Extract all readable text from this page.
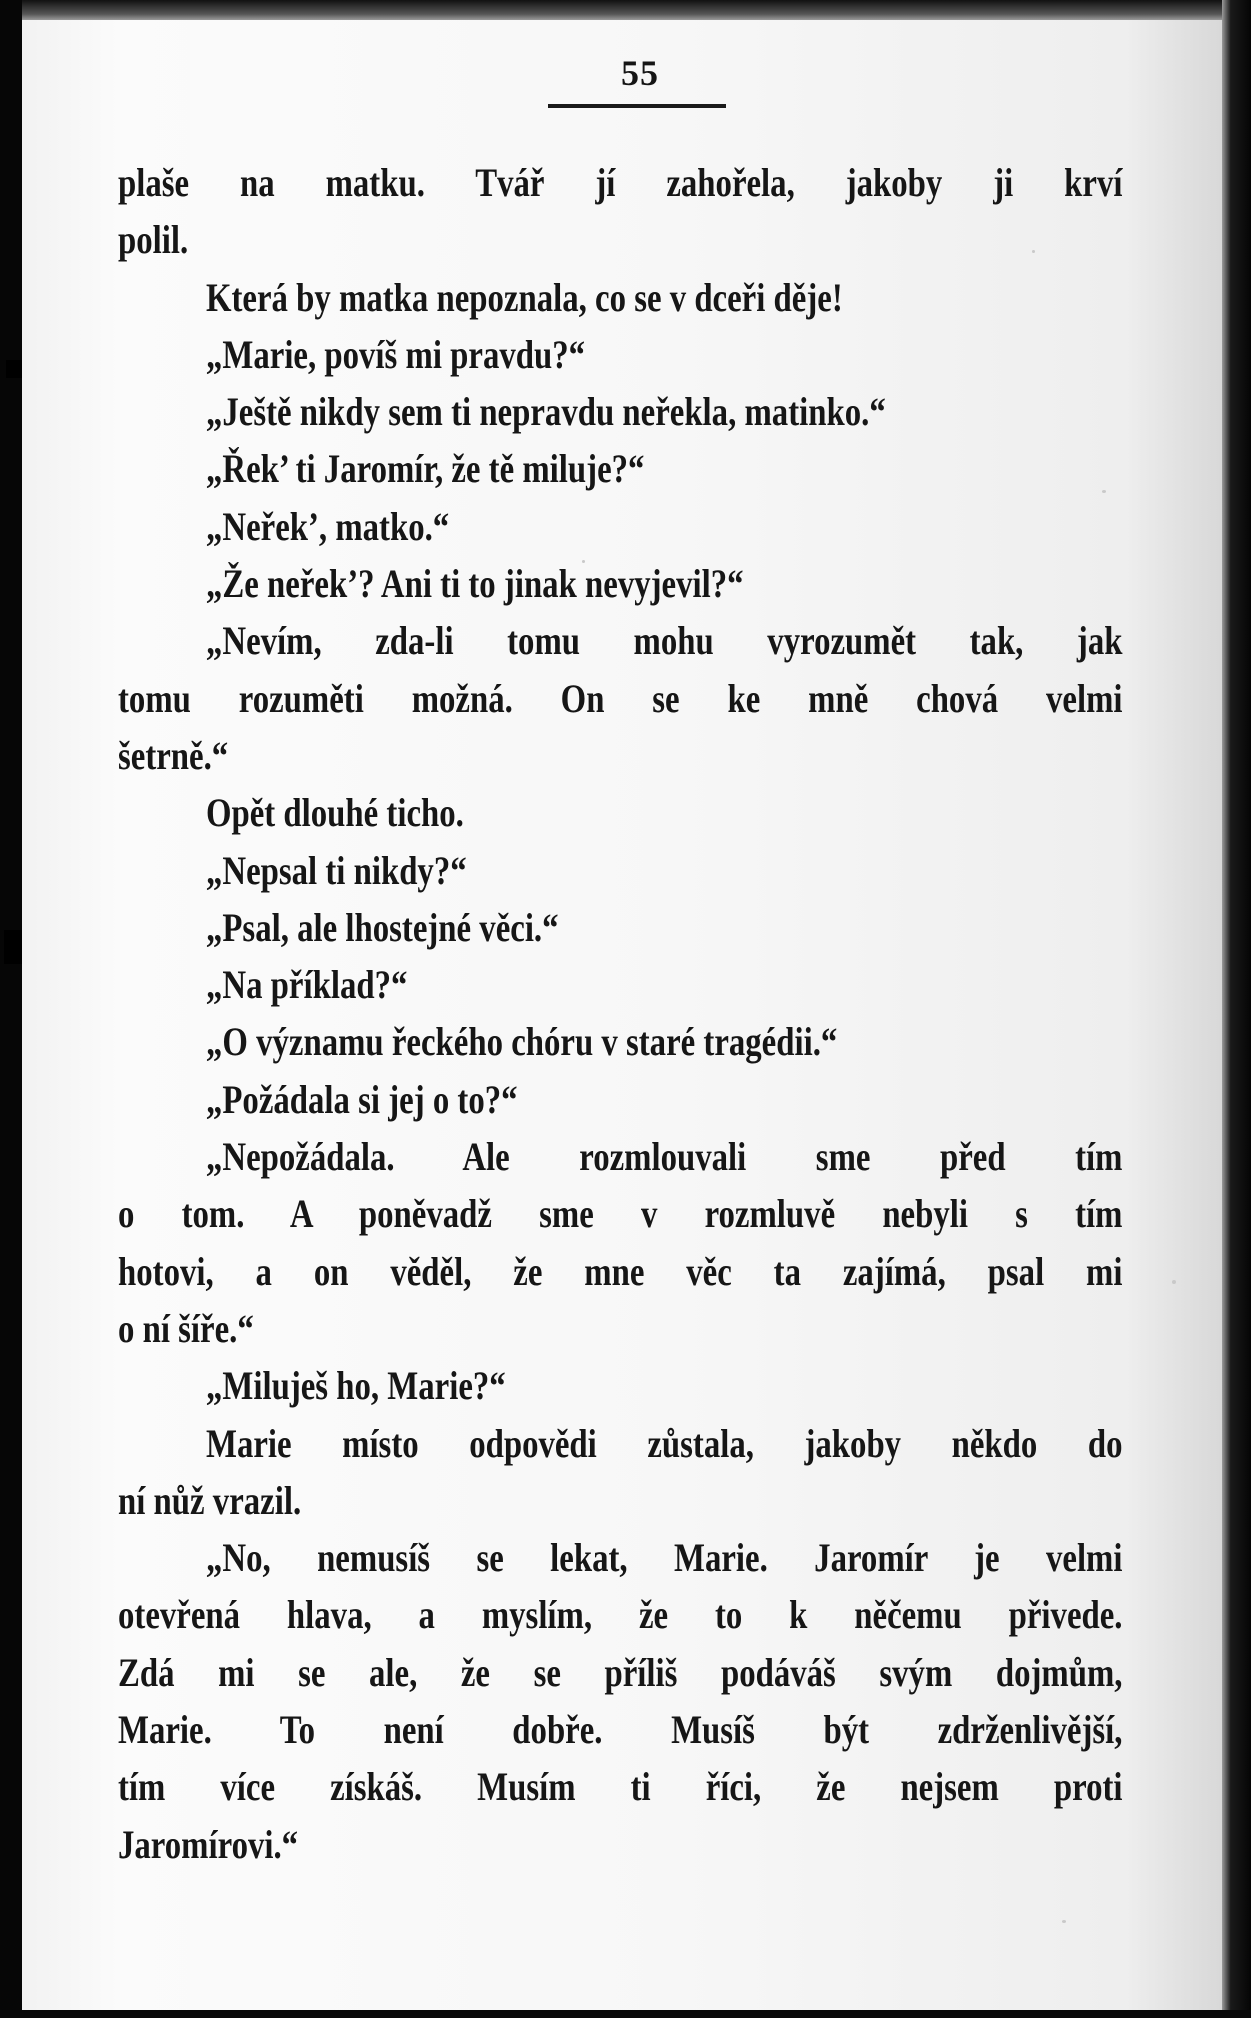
55
plaše na matku. Tvář jí zahořela, jakoby ji krví
polil.
Která by matka nepoznala, co se v dceři děje!
„Marie, povíš mi pravdu?“
„Ještě nikdy sem ti nepravdu neřekla, matinko.“
„Řek’ ti Jaromír, že tě miluje?“
„Neřek’, matko.“
„Že neřek’? Ani ti to jinak nevyjevil?“
„Nevím, zda-li tomu mohu vyrozumět tak, jak
tomu rozuměti možná. On se ke mně chová velmi
šetrně.“
Opět dlouhé ticho.
„Nepsal ti nikdy?“
„Psal, ale lhostejné věci.“
„Na příklad?“
„O významu řeckého chóru v staré tragédii.“
„Požádala si jej o to?“
„Nepožádala. Ale rozmlouvali sme před tím
o tom. A poněvadž sme v rozmluvě nebyli s tím
hotovi, a on věděl, že mne věc ta zajímá, psal mi
o ní šíře.“
„Miluješ ho, Marie?“
Marie místo odpovědi zůstala, jakoby někdo do
ní nůž vrazil.
„No, nemusíš se lekat, Marie. Jaromír je velmi
otevřená hlava, a myslím, že to k něčemu přivede.
Zdá mi se ale, že se příliš podáváš svým dojmům,
Marie. To není dobře. Musíš být zdrženlivější,
tím více získáš. Musím ti říci, že nejsem proti
Jaromírovi.“
